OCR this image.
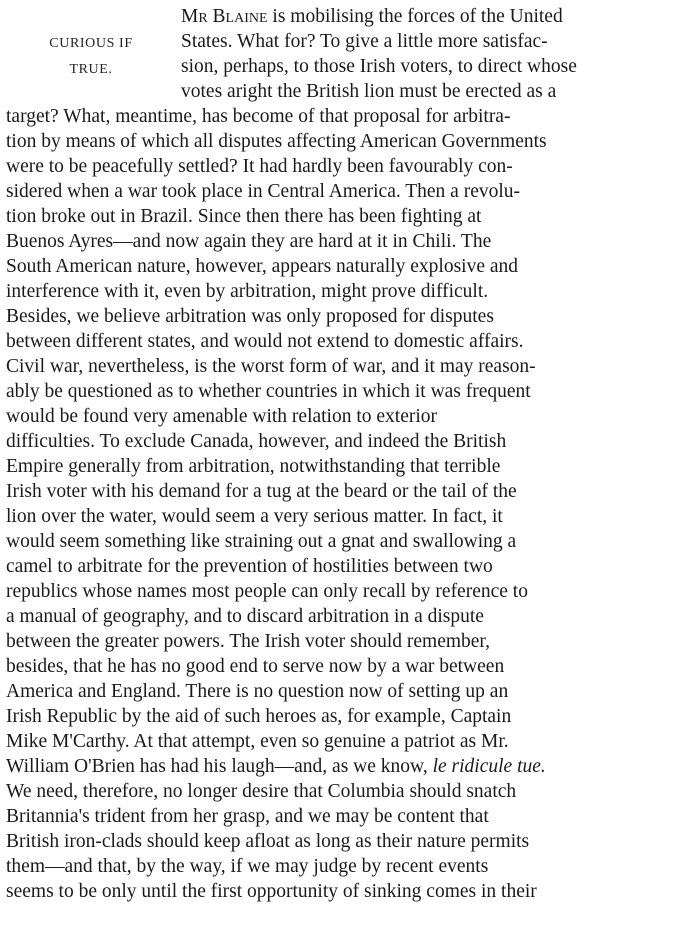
CURIOUS IF
TRUE.
Mr Blaine is mobilising the forces of the United
States. What for? To give a little more satisfac-
sion, perhaps, to those Irish voters, to direct whose
votes aright the British lion must be erected as a
target? What, meantime, has become of that proposal for arbitra-
tion by means of which all disputes affecting American Governments
were to be peacefully settled? It had hardly been favourably con-
sidered when a war took place in Central America. Then a revolu-
tion broke out in Brazil. Since then there has been fighting at
Buenos Ayres—and now again they are hard at it in Chili. The
South American nature, however, appears naturally explosive and
interference with it, even by arbitration, might prove difficult.
Besides, we believe arbitration was only proposed for disputes
between different states, and would not extend to domestic affairs.
Civil war, nevertheless, is the worst form of war, and it may reason-
ably be questioned as to whether countries in which it was frequent
would be found very amenable with relation to exterior
difficulties. To exclude Canada, however, and indeed the British
Empire generally from arbitration, notwithstanding that terrible
Irish voter with his demand for a tug at the beard or the tail of the
lion over the water, would seem a very serious matter. In fact, it
would seem something like straining out a gnat and swallowing a
camel to arbitrate for the prevention of hostilities between two
republics whose names most people can only recall by reference to
a manual of geography, and to discard arbitration in a dispute
between the greater powers. The Irish voter should remember,
besides, that he has no good end to serve now by a war between
America and England. There is no question now of setting up an
Irish Republic by the aid of such heroes as, for example, Captain
Mike M'Carthy. At that attempt, even so genuine a patriot as Mr.
William O'Brien has had his laugh—and, as we know, le ridicule tue.
We need, therefore, no longer desire that Columbia should snatch
Britannia's trident from her grasp, and we may be content that
British iron-clads should keep afloat as long as their nature permits
them—and that, by the way, if we may judge by recent events
seems to be only until the first opportunity of sinking comes in their
